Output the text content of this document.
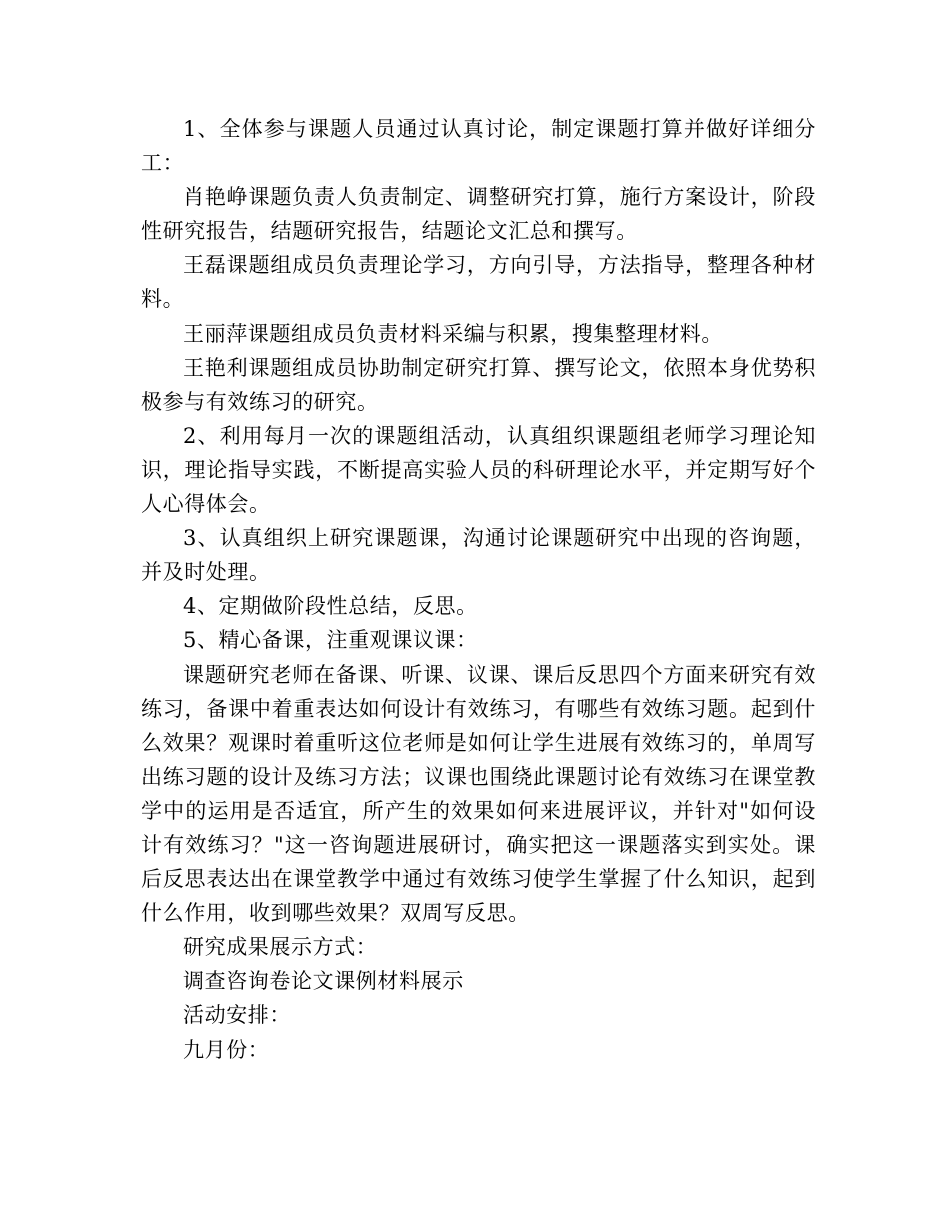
1、全体参与课题人员通过认真讨论，制定课题打算并做好详细分工：

肖艳峥课题负责人负责制定、调整研究打算，施行方案设计，阶段性研究报告，结题研究报告，结题论文汇总和撰写。

王磊课题组成员负责理论学习，方向引导，方法指导，整理各种材料。

王丽萍课题组成员负责材料采编与积累，搜集整理材料。

王艳利课题组成员协助制定研究打算、撰写论文，依照本身优势积极参与有效练习的研究。

2、利用每月一次的课题组活动，认真组织课题组老师学习理论知识，理论指导实践，不断提高实验人员的科研理论水平，并定期写好个人心得体会。

3、认真组织上研究课题课，沟通讨论课题研究中出现的咨询题，并及时处理。

4、定期做阶段性总结，反思。

5、精心备课，注重观课议课：

课题研究老师在备课、听课、议课、课后反思四个方面来研究有效练习，备课中着重表达如何设计有效练习，有哪些有效练习题。起到什么效果？观课时着重听这位老师是如何让学生进展有效练习的，单周写出练习题的设计及练习方法；议课也围绕此课题讨论有效练习在课堂教学中的运用是否适宜，所产生的效果如何来进展评议，并针对"如何设计有效练习？"这一咨询题进展研讨，确实把这一课题落实到实处。课后反思表达出在课堂教学中通过有效练习使学生掌握了什么知识，起到什么作用，收到哪些效果？双周写反思。

研究成果展示方式：

调查咨询卷论文课例材料展示

活动安排：

九月份：
